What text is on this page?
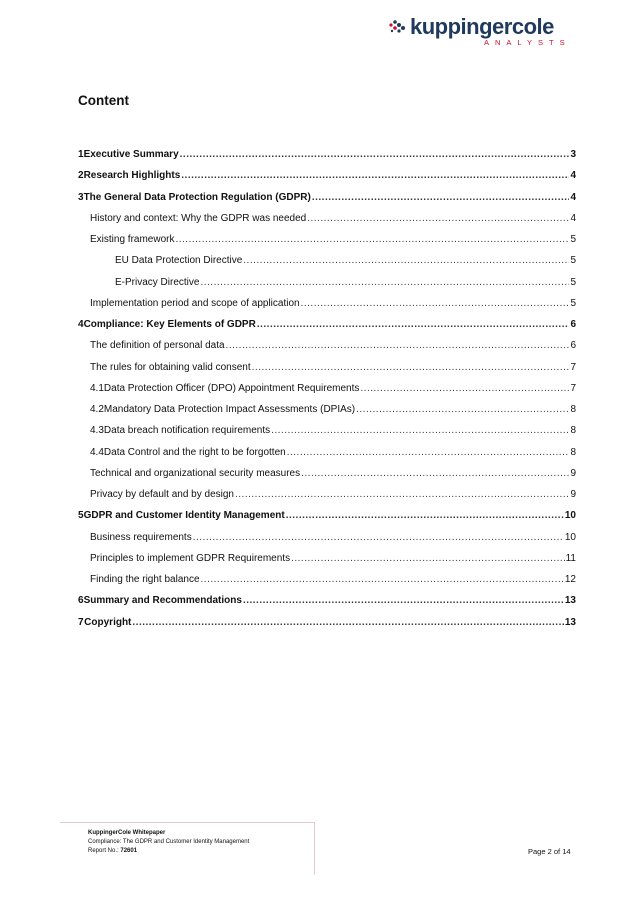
kuppingercole
ANALYSTS
Content
1 Executive Summary .....	3
2 Research Highlights .....	4
3 The General Data Protection Regulation (GDPR) .....	4
History and context: Why the GDPR was needed .....	4
Existing framework .....	5
EU Data Protection Directive .....	5
E-Privacy Directive .....	5
Implementation period and scope of application .....	5
4 Compliance: Key Elements of GDPR .....	6
The definition of personal data .....	6
The rules for obtaining valid consent .....	7
4.1 Data Protection Officer (DPO) Appointment Requirements .....	7
4.2 Mandatory Data Protection Impact Assessments (DPIAs) .....	8
4.3 Data breach notification requirements .....	8
4.4 Data Control and the right to be forgotten .....	8
Technical and organizational security measures .....	9
Privacy by default and by design .....	9
5 GDPR and Customer Identity Management .....	10
Business requirements .....	10
Principles to implement GDPR Requirements .....	11
Finding the right balance .....	12
6 Summary and Recommendations .....	13
7 Copyright .....	13
KuppingerCole Whitepaper
Compliance: The GDPR and Customer Identity Management
Report No.: 72601	Page 2 of 14
